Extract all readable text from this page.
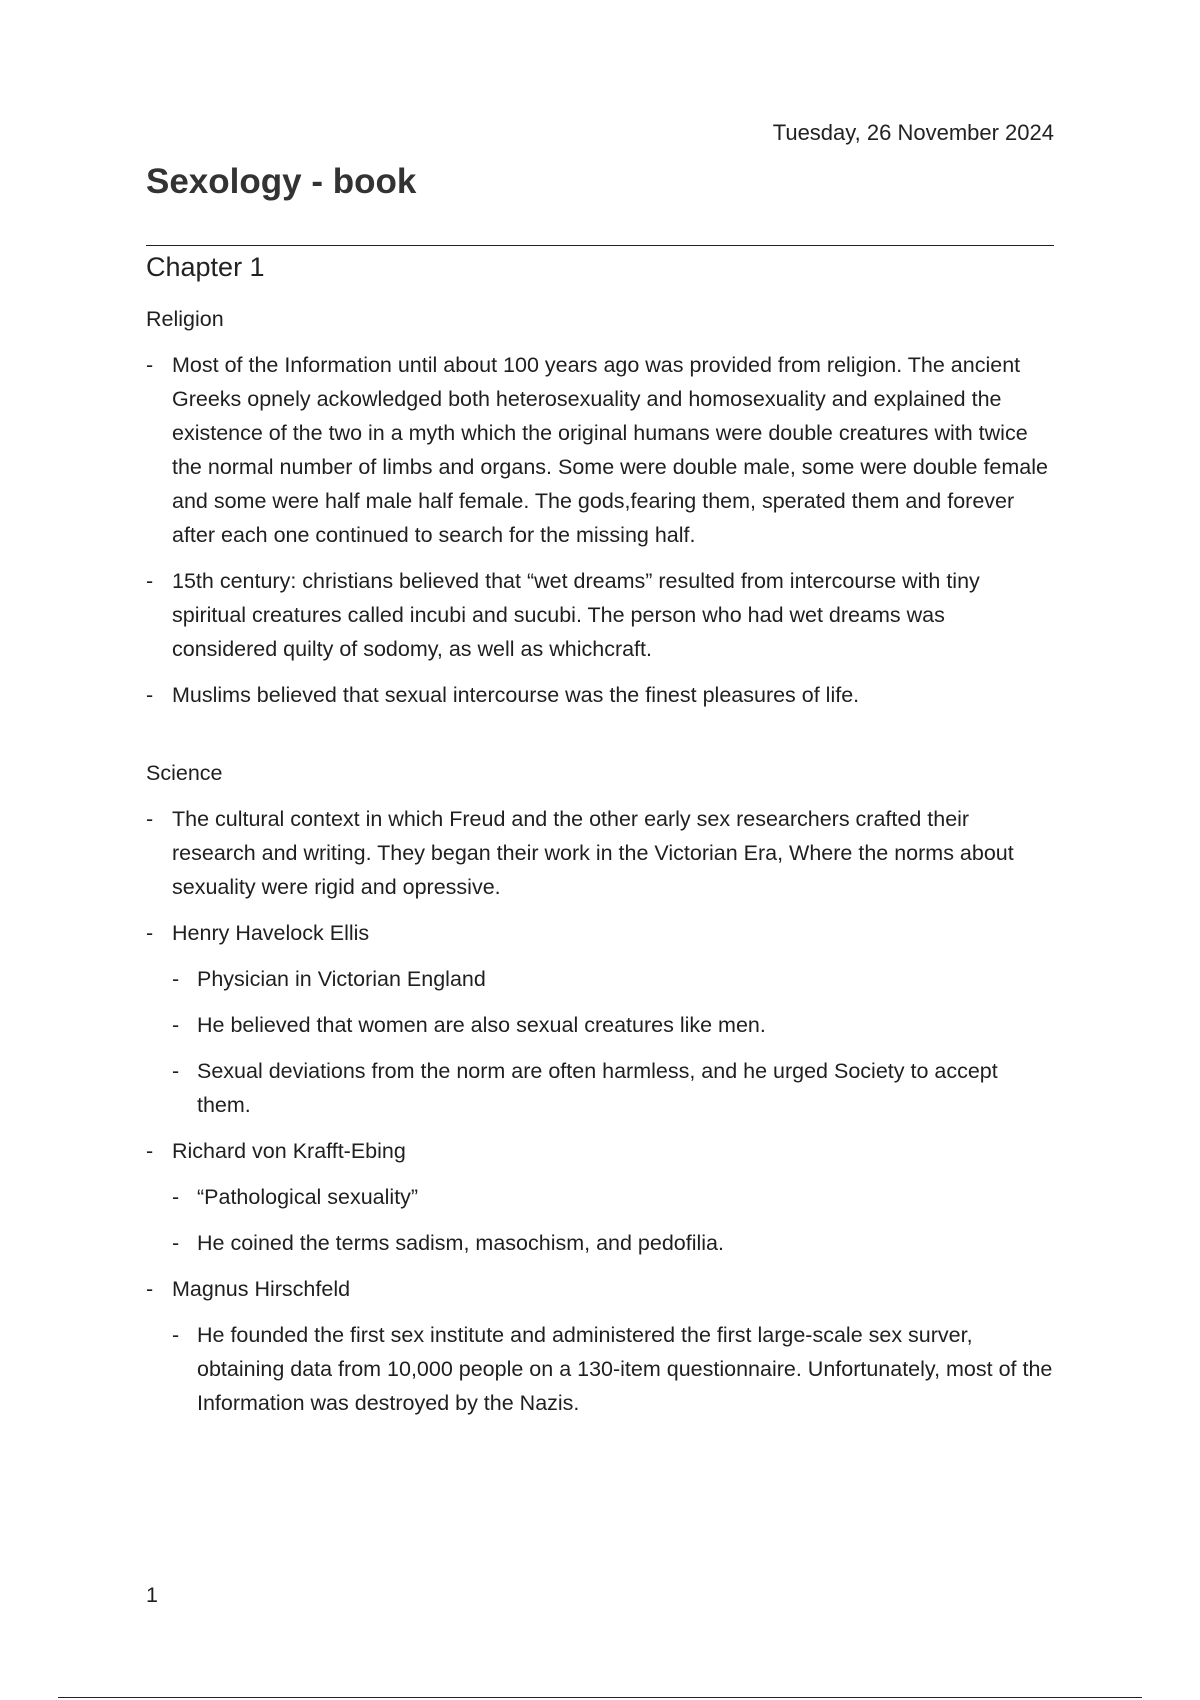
Tuesday, 26 November 2024
Sexology - book
Chapter 1
Religion
- Most of the Information until about 100 years ago was provided from religion. The ancient Greeks opnely ackowledged both heterosexuality and homosexuality and explained the existence of the two in a myth which the original humans were double creatures with twice the normal number of limbs and organs. Some were double male, some were double female and some were half male half female. The gods,fearing them, sperated them and forever after each one continued to search for the missing half.
- 15th century: christians believed that “wet dreams” resulted from intercourse with tiny spiritual creatures called incubi and sucubi. The person who had wet dreams was considered quilty of sodomy, as well as whichcraft.
- Muslims believed that sexual intercourse was the finest pleasures of life.
Science
- The cultural context in which Freud and the other early sex researchers crafted their research and writing. They began their work in the Victorian Era, Where the norms about sexuality were rigid and opressive.
- Henry Havelock Ellis
- Physician in Victorian England
- He believed that women are also sexual creatures like men.
- Sexual deviations from the norm are often harmless, and he urged Society to accept them.
- Richard von Krafft-Ebing
- “Pathological sexuality”
- He coined the terms sadism, masochism, and pedofilia.
- Magnus Hirschfeld
- He founded the first sex institute and administered the first large-scale sex surver, obtaining data from 10,000 people on a 130-item questionnaire. Unfortunately, most of the Information was destroyed by the Nazis.
1
